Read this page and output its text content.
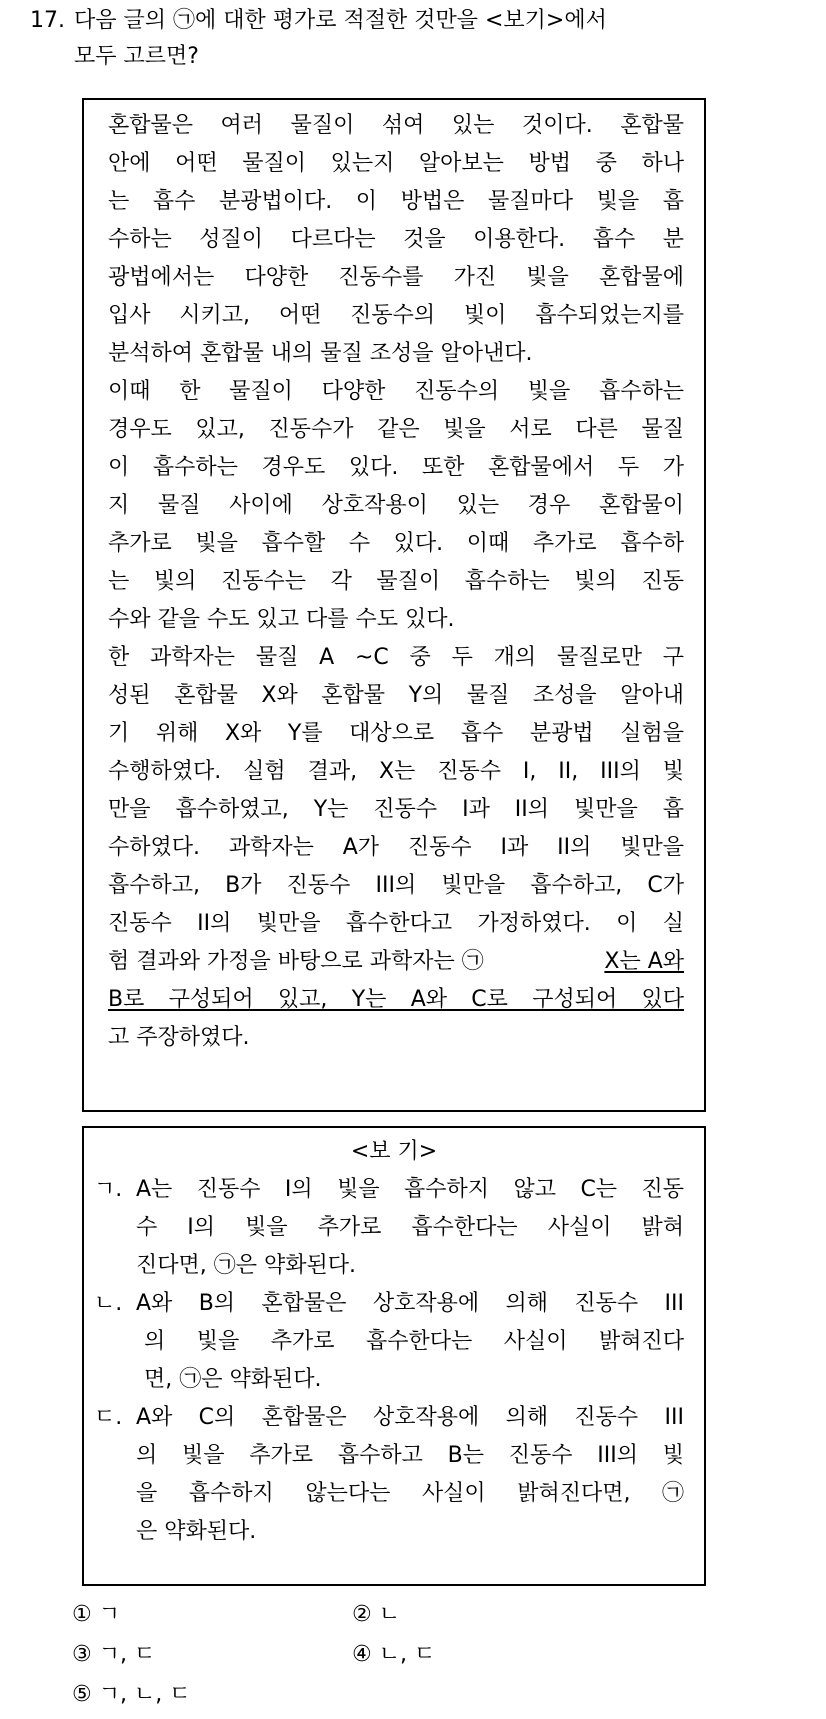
17. 다음 글의 ㉠에 대한 평가로 적절한 것만을 <보기>에서
모두 고르면?
혼합물은 여러 물질이 섞여 있는 것이다. 혼합물
안에 어떤 물질이 있는지 알아보는 방법 중 하나
는 흡수 분광법이다. 이 방법은 물질마다 빛을 흡
수하는 성질이 다르다는 것을 이용한다. 흡수 분
광법에서는 다양한 진동수를 가진 빛을 혼합물에
입사 시키고, 어떤 진동수의 빛이 흡수되었는지를
분석하여 혼합물 내의 물질 조성을 알아낸다.
이때 한 물질이 다양한 진동수의 빛을 흡수하는
경우도 있고, 진동수가 같은 빛을 서로 다른 물질
이 흡수하는 경우도 있다. 또한 혼합물에서 두 가
지 물질 사이에 상호작용이 있는 경우 혼합물이
추가로 빛을 흡수할 수 있다. 이때 추가로 흡수하
는 빛의 진동수는 각 물질이 흡수하는 빛의 진동
수와 같을 수도 있고 다를 수도 있다.
한 과학자는 물질 A ~C 중 두 개의 물질로만 구
성된 혼합물 X와 혼합물 Y의 물질 조성을 알아내
기 위해 X와 Y를 대상으로 흡수 분광법 실험을
수행하였다. 실험 결과, X는 진동수 I, II, III의 빛
만을 흡수하였고, Y는 진동수 I과 II의 빛만을 흡
수하였다. 과학자는 A가 진동수 I과 II의 빛만을
흡수하고, B가 진동수 III의 빛만을 흡수하고, C가
진동수 II의 빛만을 흡수한다고 가정하였다. 이 실
험 결과와 가정을 바탕으로 과학자는 ㉠	X는 A와
B로 구성되어 있고, Y는 A와 C로 구성되어 있다
고 주장하였다.
<보 기>
ㄱ. A는 진동수 I의 빛을 흡수하지 않고 C는 진동
수 I의 빛을 추가로 흡수한다는 사실이 밝혀
진다면, ㉠은 약화된다.
ㄴ. A와 B의 혼합물은 상호작용에 의해 진동수 III
의 빛을 추가로 흡수한다는 사실이 밝혀진다
면, ㉠은 약화된다.
ㄷ. A와 C의 혼합물은 상호작용에 의해 진동수 III
의 빛을 추가로 흡수하고 B는 진동수 III의 빛
을 흡수하지 않는다는 사실이 밝혀진다면, ㉠
은 약화된다.
① ㄱ	② ㄴ
③ ㄱ, ㄷ	④ ㄴ, ㄷ
⑤ ㄱ, ㄴ, ㄷ
